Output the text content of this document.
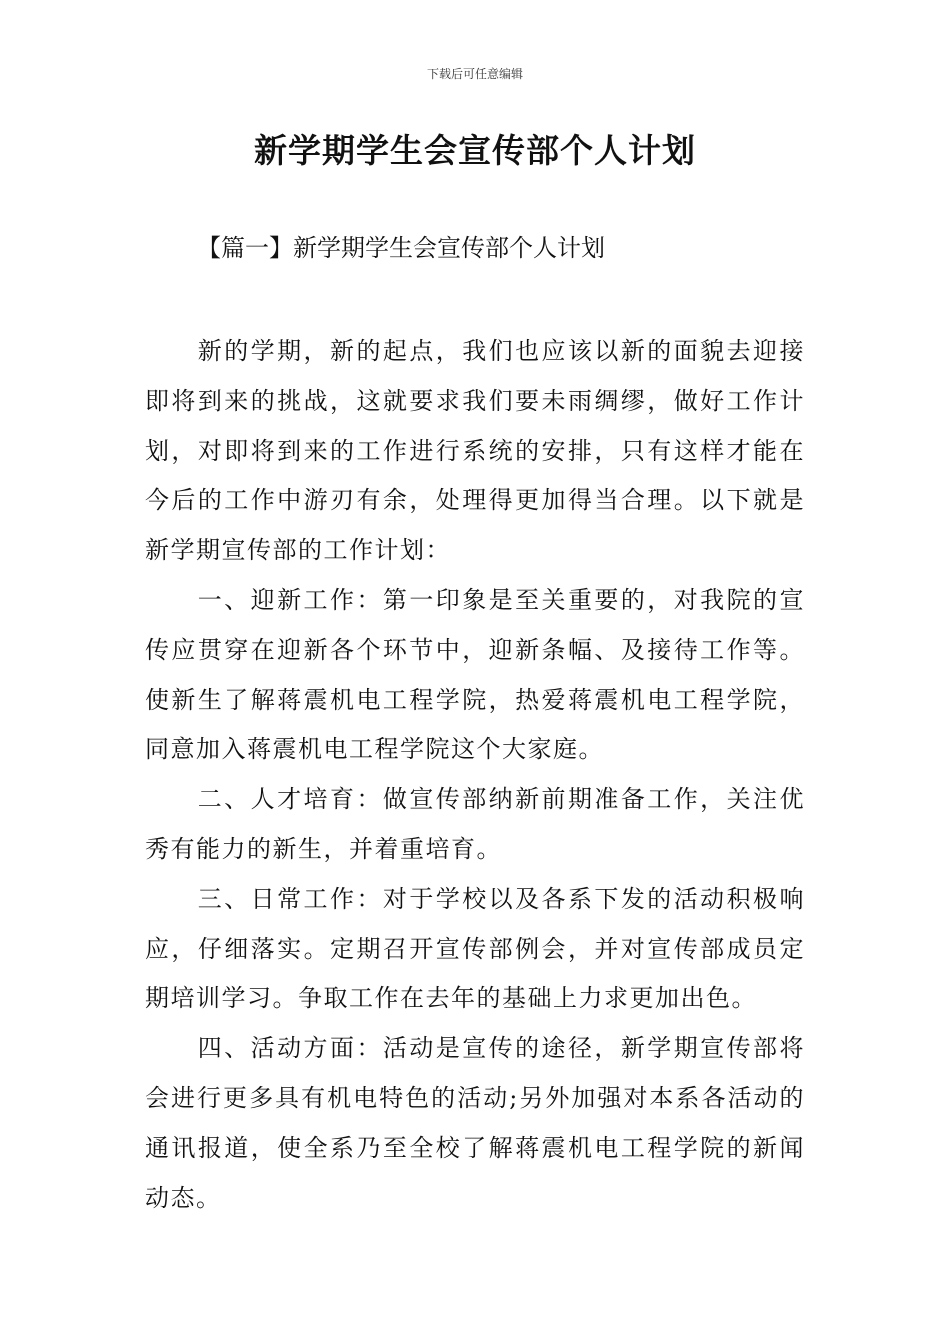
下载后可任意编辑
新学期学生会宣传部个人计划
【篇一】新学期学生会宣传部个人计划

新的学期，新的起点，我们也应该以新的面貌去迎接即将到来的挑战，这就要求我们要未雨绸缪，做好工作计划，对即将到来的工作进行系统的安排，只有这样才能在今后的工作中游刃有余，处理得更加得当合理。以下就是新学期宣传部的工作计划：

一、迎新工作：第一印象是至关重要的，对我院的宣传应贯穿在迎新各个环节中，迎新条幅、及接待工作等。使新生了解蒋震机电工程学院，热爱蒋震机电工程学院，同意加入蒋震机电工程学院这个大家庭。

二、人才培育：做宣传部纳新前期准备工作，关注优秀有能力的新生，并着重培育。

三、日常工作：对于学校以及各系下发的活动积极响应，仔细落实。定期召开宣传部例会，并对宣传部成员定期培训学习。争取工作在去年的基础上力求更加出色。

四、活动方面：活动是宣传的途径，新学期宣传部将会进行更多具有机电特色的活动;另外加强对本系各活动的通讯报道，使全系乃至全校了解蒋震机电工程学院的新闻动态。
